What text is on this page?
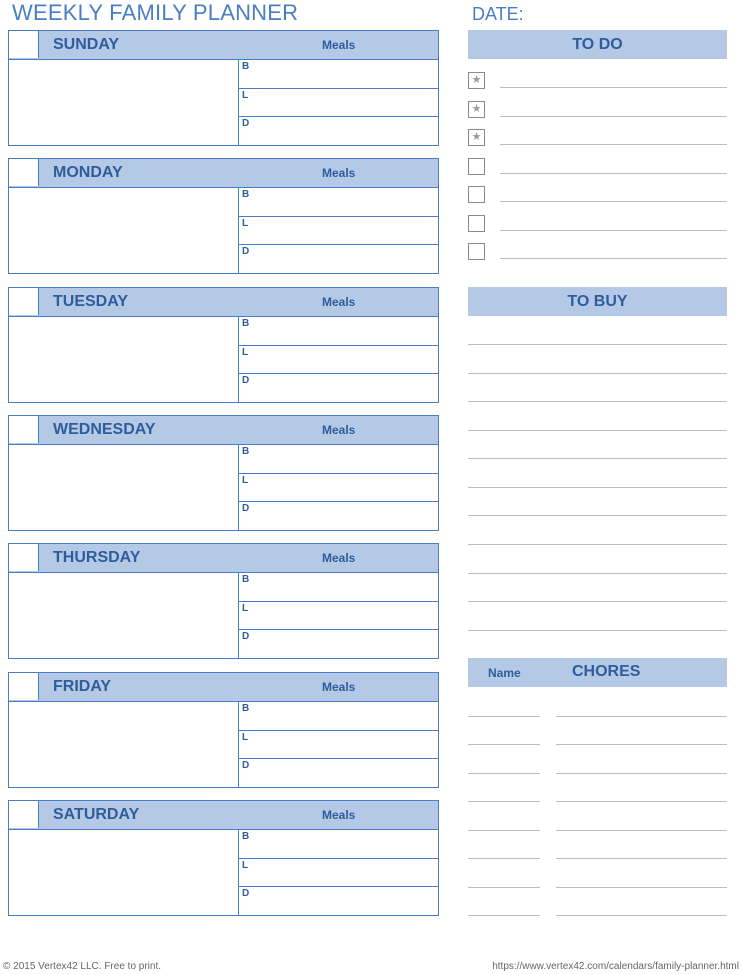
WEEKLY FAMILY PLANNER	DATE:
SUNDAY	Meals
B
L
D
MONDAY	Meals
B
L
D
TUESDAY	Meals
B
L
D
WEDNESDAY	Meals
B
L
D
THURSDAY	Meals
B
L
D
FRIDAY	Meals
B
L
D
SATURDAY	Meals
B
L
D
TO DO
★
★
★
TO BUY
Name	CHORES
© 2015 Vertex42 LLC. Free to print.	https://www.vertex42.com/calendars/family-planner.html
